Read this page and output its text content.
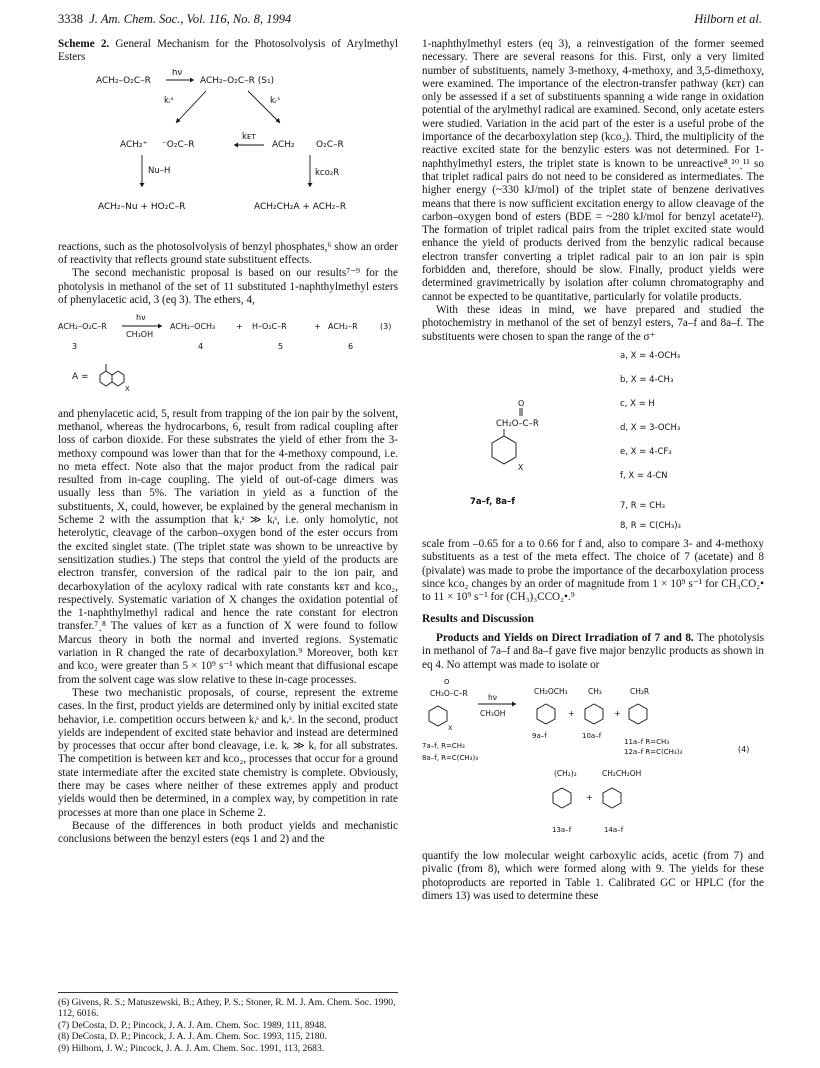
3338 J. Am. Chem. Soc., Vol. 116, No. 8, 1994	Hilborn et al.
Scheme 2. General Mechanism for the Photosolvolysis of Arylmethyl Esters
ACH₂–O₂C–R
hν
ACH₂–O₂C–R (S₁)
kᵢˢ	kᵣˢ
ACH₂⁺ ⁻O₂C–R
kᴇᴛ
ACH₂ O₂C–R
Nu–H	kᴄᴏ₂R
ACH₂–Nu + HO₂C–R	ACH₂CH₂A + ACH₂–R

reactions, such as the photosolvolysis of benzyl phosphates,⁶ show an order of reactivity that reflects ground state substituent effects.

The second mechanistic proposal is based on our results⁷⁻⁹ for the photolysis in methanol of the set of 11 substituted 1-naphthylmethyl esters of phenylacetic acid, 3 (eq 3). The ethers, 4,

ACH₂–O₂C–R
hν
CH₃OH
ACH₂–OCH₃	+ H–O₂C–R	+ ACH₂–R	(3)
3	4	5	6
A =
X

and phenylacetic acid, 5, result from trapping of the ion pair by the solvent, methanol, whereas the hydrocarbons, 6, result from radical coupling after loss of carbon dioxide. For these substrates the yield of ether from the 3-methoxy compound was lower than that for the 4-methoxy compound, i.e. no meta effect. Note also that the major product from the radical pair resulted from in-cage coupling. The yield of out-of-cage dimers was usually less than 5%. The variation in yield as a function of the substituents, X, could, however, be explained by the general mechanism in Scheme 2 with the assumption that kᵣˢ ≫ kᵢˢ, i.e. only homolytic, not heterolytic, cleavage of the carbon–oxygen bond of the ester occurs from the excited singlet state. (The triplet state was shown to be unreactive by sensitization studies.) The steps that control the yield of the products are electron transfer, conversion of the radical pair to the ion pair, and decarboxylation of the acyloxy radical with rate constants kᴇᴛ and kᴄᴏ₂, respectively. Systematic variation of X changes the oxidation potential of the 1-naphthylmethyl radical and hence the rate constant for electron transfer.⁷ˎ⁸ The values of kᴇᴛ as a function of X were found to follow Marcus theory in both the normal and inverted regions. Systematic variation in R changed the rate of decarboxylation.⁹ Moreover, both kᴇᴛ and kᴄᴏ₂ were greater than 5 × 10⁹ s⁻¹ which meant that diffusional escape from the solvent cage was slow relative to these in-cage processes.

These two mechanistic proposals, of course, represent the extreme cases. In the first, product yields are determined only by initial excited state behavior, i.e. competition occurs between kᵢˢ and kᵣˢ. In the second, product yields are independent of excited state behavior and instead are determined by processes that occur after bond cleavage, i.e. kᵣ ≫ kᵢ for all substrates. The competition is between kᴇᴛ and kᴄᴏ₂, processes that occur for a ground state intermediate after the excited state chemistry is complete. Obviously, there may be cases where neither of these extremes apply and product yields would then be determined, in a complex way, by competition in rate processes at more than one place in Scheme 2.

Because of the differences in both product yields and mechanistic conclusions between the benzyl esters (eqs 1 and 2) and the

(6) Givens, R. S.; Matuszewski, B.; Athey, P. S.; Stoner, R. M. J. Am. Chem. Soc. 1990, 112, 6016.
(7) DeCosta, D. P.; Pincock, J. A. J. Am. Chem. Soc. 1989, 111, 8948.
(8) DeCosta, D. P.; Pincock, J. A. J. Am. Chem. Soc. 1993, 115, 2180.
(9) Hilborn, J. W.; Pincock, J. A. J. Am. Chem. Soc. 1991, 113, 2683.

1-naphthylmethyl esters (eq 3), a reinvestigation of the former seemed necessary. There are several reasons for this. First, only a very limited number of substituents, namely 3-methoxy, 4-methoxy, and 3,5-dimethoxy, were examined. The importance of the electron-transfer pathway (kᴇᴛ) can only be assessed if a set of substituents spanning a wide range in oxidation potential of the arylmethyl radical are examined. Second, only acetate esters were studied. Variation in the acid part of the ester is a useful probe of the importance of the decarboxylation step (kᴄᴏ₂). Third, the multiplicity of the reactive excited state for the benzylic esters was not determined. For 1-naphthylmethyl esters, the triplet state is known to be unreactive⁸ˎ¹⁰ˎ¹¹ so that triplet radical pairs do not need to be considered as intermediates. The higher energy (~330 kJ/mol) of the triplet state of benzene derivatives means that there is now sufficient excitation energy to allow cleavage of the carbon–oxygen bond of esters (BDE = ~280 kJ/mol for benzyl acetate¹²). The formation of triplet radical pairs from the triplet excited state would enhance the yield of products derived from the benzylic radical because electron transfer converting a triplet radical pair to an ion pair is spin forbidden and, therefore, should be slow. Finally, product yields were determined gravimetrically by isolation after column chromatography and cannot be expected to be quantitative, particularly for volatile products.

With these ideas in mind, we have prepared and studied the photochemistry in methanol of the set of benzyl esters, 7a–f and 8a–f. The substituents were chosen to span the range of the σ⁺

O
CH₂O–C–R
X
7a–f, 8a–f
a, X = 4-OCH₃
b, X = 4-CH₃
c, X = H
d, X = 3-OCH₃
e, X = 4-CF₃
f, X = 4-CN
7, R = CH₃
8, R = C(CH₃)₃

scale from –0.65 for a to 0.66 for f and, also to compare 3- and 4-methoxy substituents as a test of the meta effect. The choice of 7 (acetate) and 8 (pivalate) was made to probe the importance of the decarboxylation process since kᴄᴏ₂ changes by an order of magnitude from 1 × 10⁹ s⁻¹ for CH₃CO₂• to 11 × 10⁹ s⁻¹ for (CH₃)₃CCO₂•.⁹

Results and Discussion

Products and Yields on Direct Irradiation of 7 and 8. The photolysis in methanol of 7a–f and 8a–f gave five major benzylic products as shown in eq 4. No attempt was made to isolate or

O
CH₂O–C–R
X
hν
CH₃OH
CH₂OCH₃
+
CH₃
+
CH₂R
7a–f, R=CH₃
8a–f, R=C(CH₃)₃
9a–f	10a–f
11a–f R=CH₃
12a–f R=C(CH₃)₃	(4)
(CH₂)₂
+
CH₂CH₂OH
13a–f	14a–f

quantify the low molecular weight carboxylic acids, acetic (from 7) and pivalic (from 8), which were formed along with 9. The yields for these photoproducts are reported in Table 1. Calibrated GC or HPLC (for the dimers 13) was used to determine these
